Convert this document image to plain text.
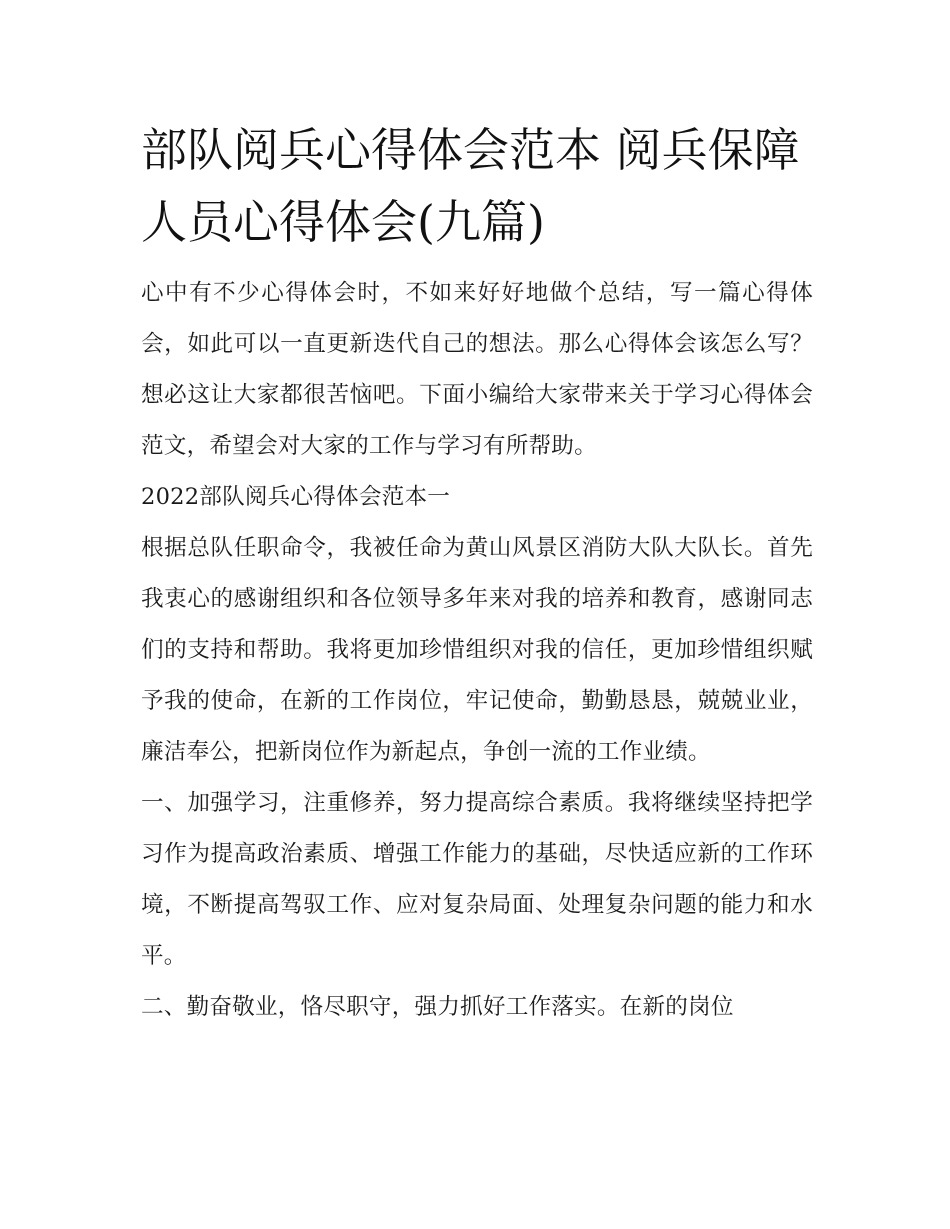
部队阅兵心得体会范本 阅兵保障人员心得体会(九篇)

心中有不少心得体会时，不如来好好地做个总结，写一篇心得体会，如此可以一直更新迭代自己的想法。那么心得体会该怎么写？想必这让大家都很苦恼吧。下面小编给大家带来关于学习心得体会范文，希望会对大家的工作与学习有所帮助。

2022部队阅兵心得体会范本一

根据总队任职命令，我被任命为黄山风景区消防大队大队长。首先我衷心的感谢组织和各位领导多年来对我的培养和教育，感谢同志们的支持和帮助。我将更加珍惜组织对我的信任，更加珍惜组织赋予我的使命，在新的工作岗位，牢记使命，勤勤恳恳，兢兢业业，廉洁奉公，把新岗位作为新起点，争创一流的工作业绩。

一、加强学习，注重修养，努力提高综合素质。我将继续坚持把学习作为提高政治素质、增强工作能力的基础，尽快适应新的工作环境，不断提高驾驭工作、应对复杂局面、处理复杂问题的能力和水平。

二、勤奋敬业，恪尽职守，强力抓好工作落实。在新的岗位
